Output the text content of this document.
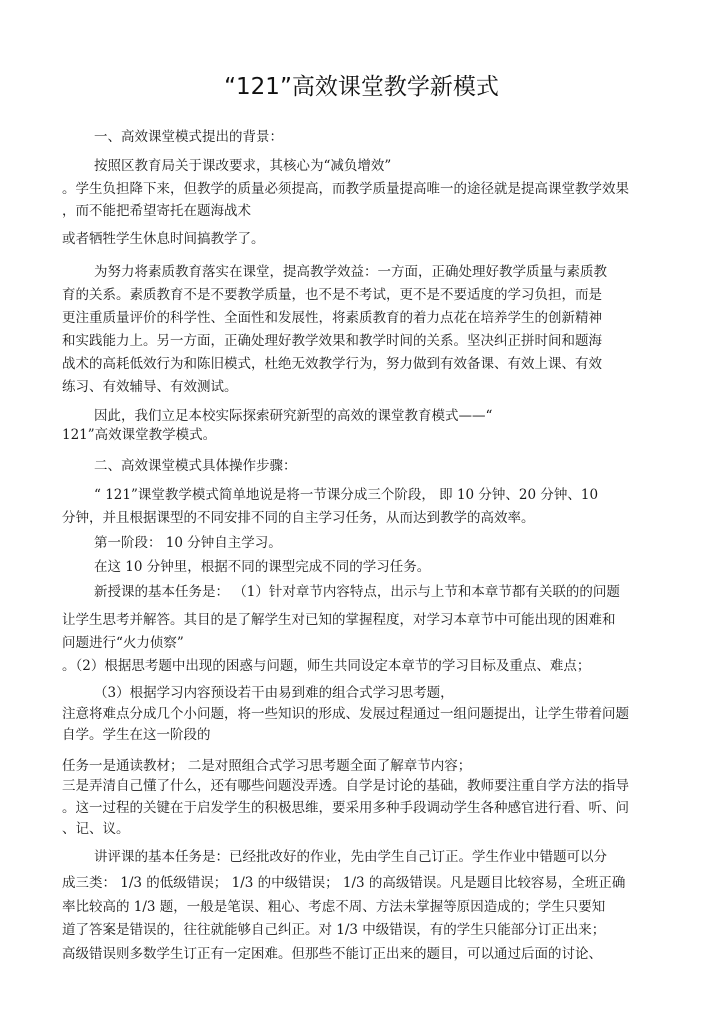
“121”高效课堂教学新模式
一、高效课堂模式提出的背景：
按照区教育局关于课改要求，其核心为“减负增效”
。学生负担降下来，但教学的质量必须提高，而教学质量提高唯一的途径就是提高课堂教学效果
，而不能把希望寄托在题海战术
或者牺牲学生休息时间搞教学了。
为努力将素质教育落实在课堂，提高教学效益：一方面，正确处理好教学质量与素质教
育的关系。素质教育不是不要教学质量，也不是不考试，更不是不要适度的学习负担，而是
更注重质量评价的科学性、全面性和发展性，将素质教育的着力点花在培养学生的创新精神
和实践能力上。另一方面，正确处理好教学效果和教学时间的关系。坚决纠正拼时间和题海
战术的高耗低效行为和陈旧模式，杜绝无效教学行为，努力做到有效备课、有效上课、有效
练习、有效辅导、有效测试。
因此，我们立足本校实际探索研究新型的高效的课堂教育模式——“
121”高效课堂教学模式。
二、高效课堂模式具体操作步骤：
“ 121”课堂教学模式简单地说是将一节课分成三个阶段， 即 10 分钟、20 分钟、10
分钟，并且根据课型的不同安排不同的自主学习任务，从而达到教学的高效率。
第一阶段： 10 分钟自主学习。
在这 10 分钟里，根据不同的课型完成不同的学习任务。
新授课的基本任务是： （1）针对章节内容特点，出示与上节和本章节都有关联的的问题
让学生思考并解答。其目的是了解学生对已知的掌握程度，对学习本章节中可能出现的困难和
问题进行“火力侦察”
。（2）根据思考题中出现的困惑与问题，师生共同设定本章节的学习目标及重点、难点；
（3）根据学习内容预设若干由易到难的组合式学习思考题，
注意将难点分成几个小问题，将一些知识的形成、发展过程通过一组问题提出，让学生带着问题
自学。学生在这一阶段的
任务一是通读教材； 二是对照组合式学习思考题全面了解章节内容；
三是弄清自己懂了什么，还有哪些问题没弄透。自学是讨论的基础，教师要注重自学方法的指导
。这一过程的关键在于启发学生的积极思维，要采用多种手段调动学生各种感官进行看、听、问
、记、议。
讲评课的基本任务是：已经批改好的作业，先由学生自己订正。学生作业中错题可以分
成三类： 1/3 的低级错误； 1/3 的中级错误； 1/3 的高级错误。凡是题目比较容易，全班正确
率比较高的 1/3 题，一般是笔误、粗心、考虑不周、方法未掌握等原因造成的；学生只要知
道了答案是错误的，往往就能够自己纠正。对 1/3 中级错误，有的学生只能部分订正出来；
高级错误则多数学生订正有一定困难。但那些不能订正出来的题目，可以通过后面的讨论、
